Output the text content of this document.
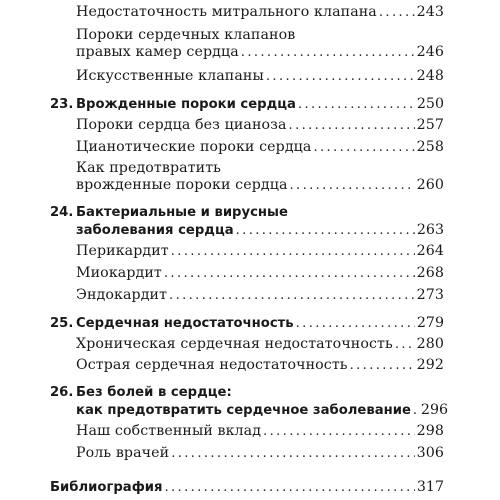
Недостаточность митрального клапана .....	243
Пороки сердечных клапанов
правых камер сердца .....	246
Искусственные клапаны .....	248
23. Врожденные пороки сердца .....	250
Пороки сердца без цианоза .....	257
Цианотические пороки сердца .....	258
Как предотвратить
врожденные пороки сердца .....	260
24. Бактериальные и вирусные
заболевания сердца .....	263
Перикардит .....	264
Миокардит .....	268
Эндокардит .....	273
25. Сердечная недостаточность .....	279
Хроническая сердечная недостаточность ..... 280
Острая сердечная недостаточность .....	292
26. Без болей в сердце:
как предотвратить сердечное заболевание ..... 296
Наш собственный вклад .....	298
Роль врачей .....	306
Библиография .....	317
